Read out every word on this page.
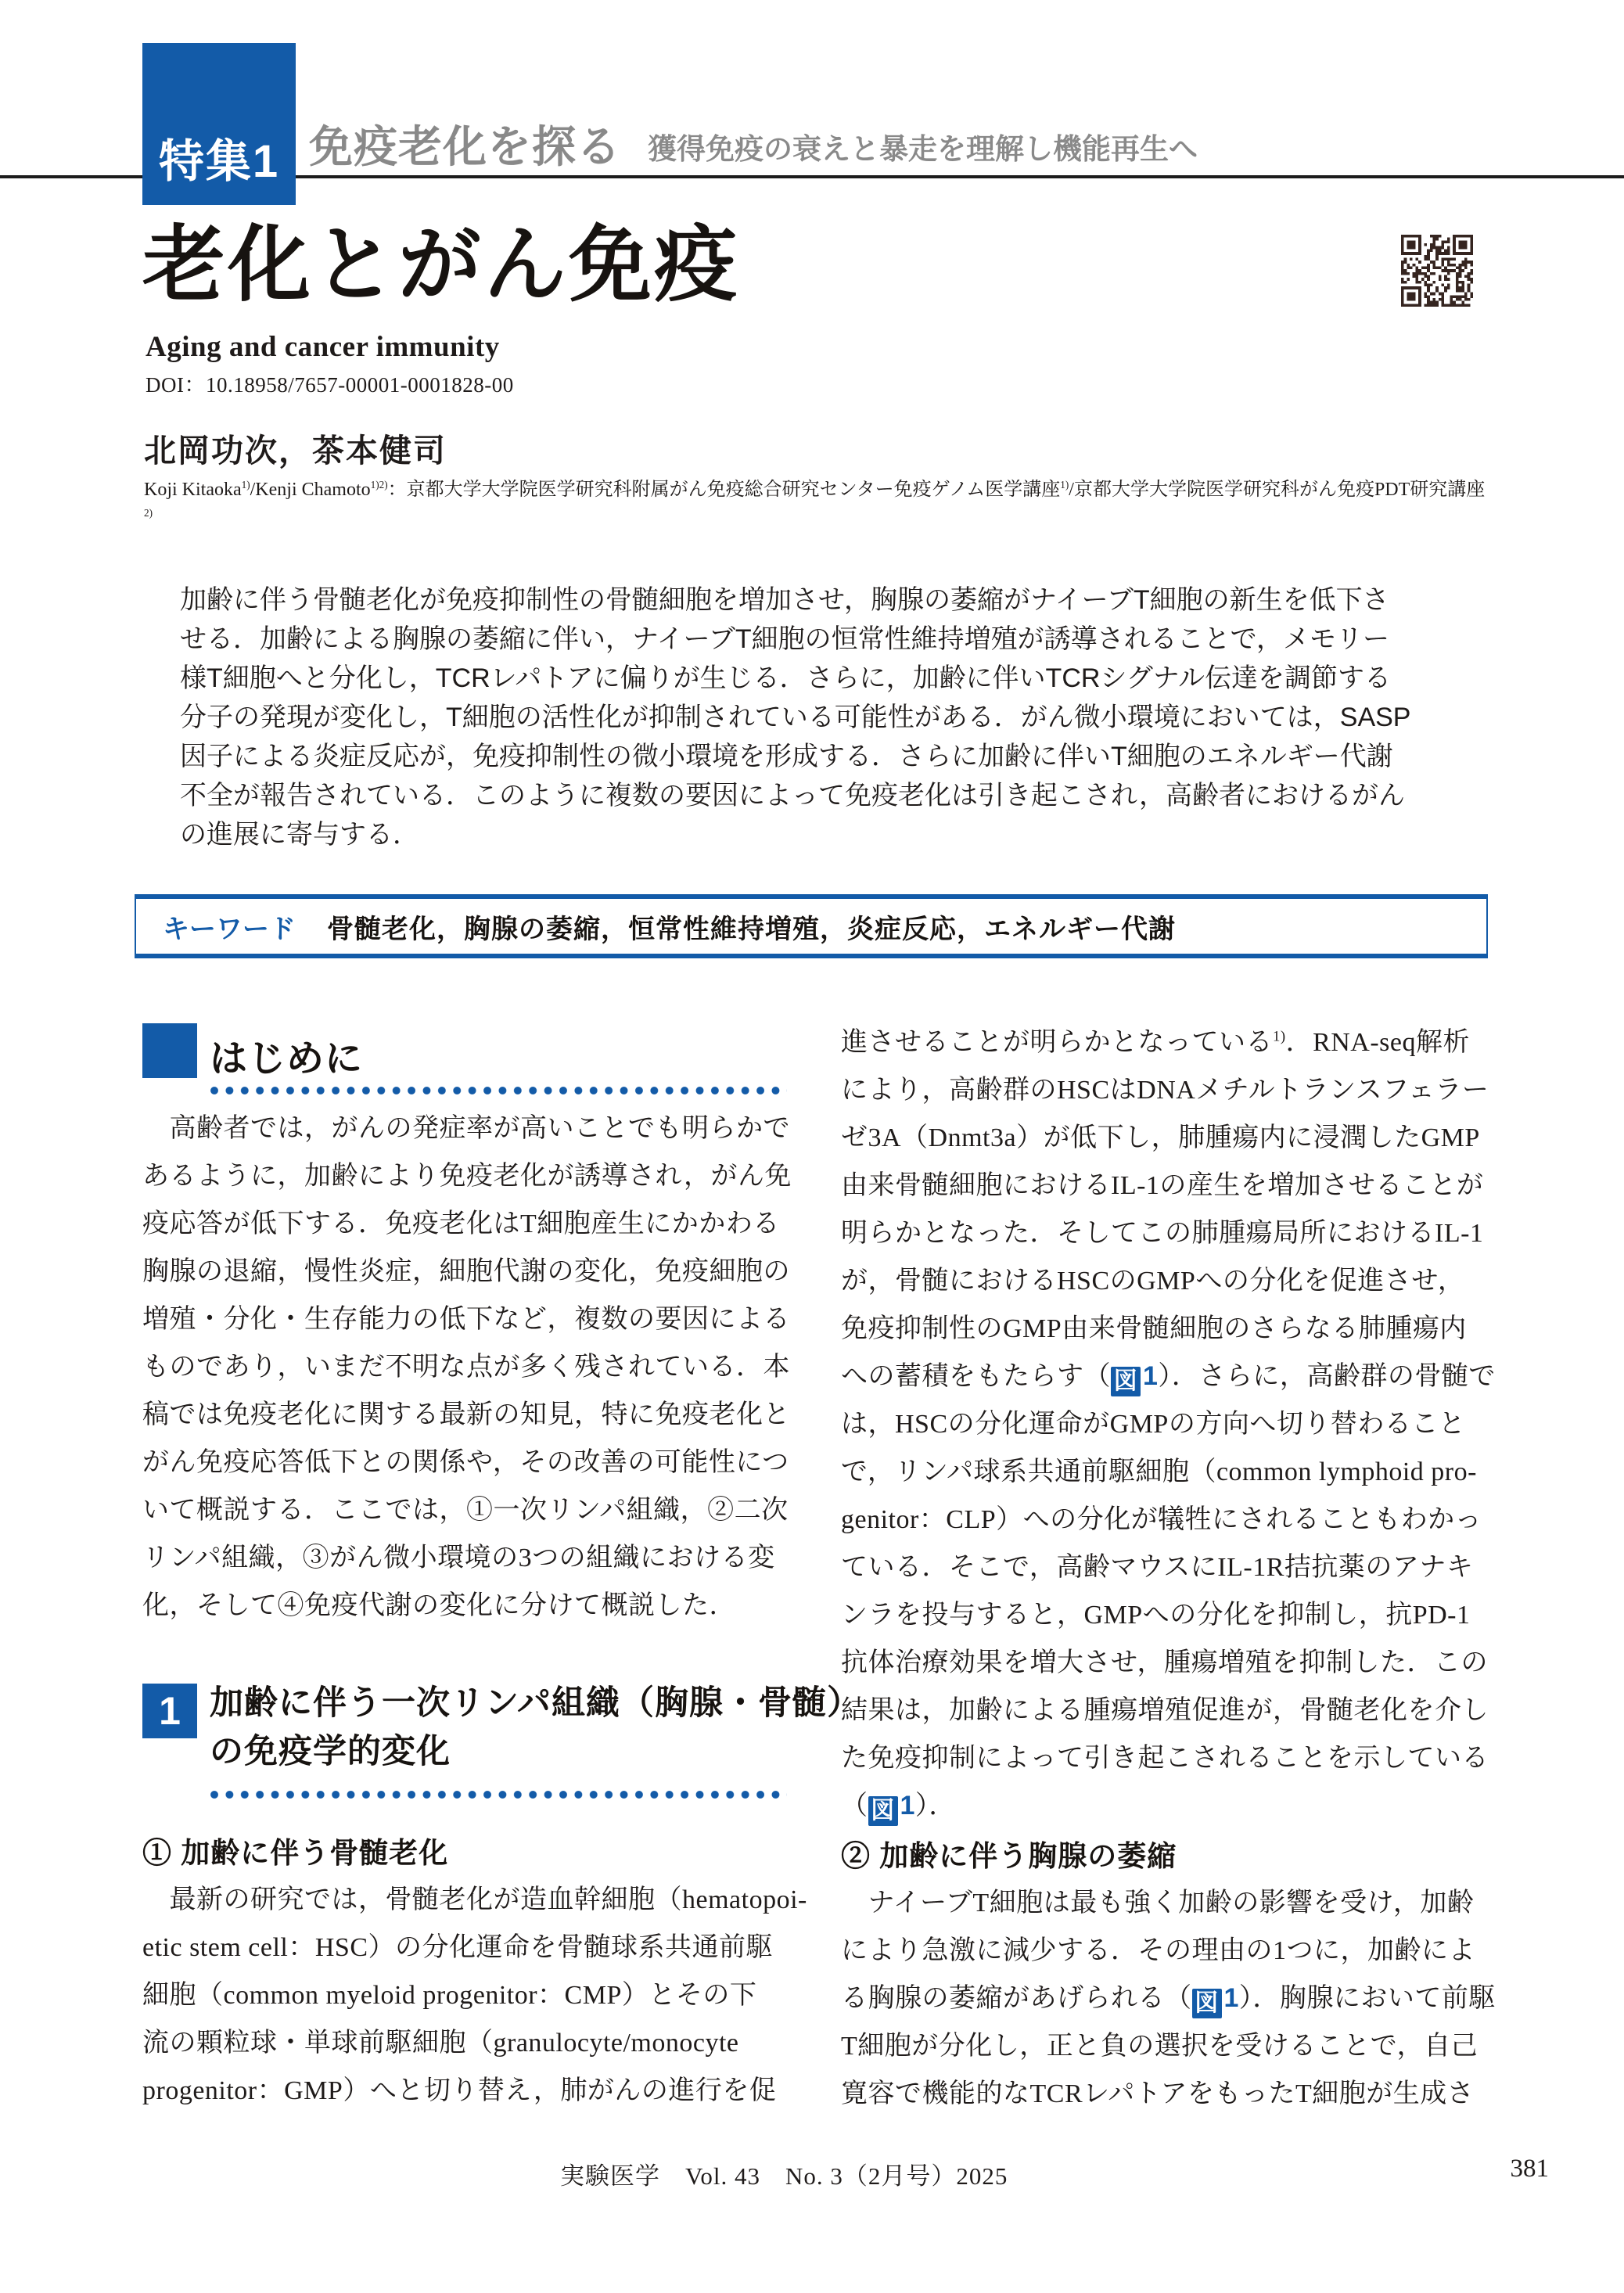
特集1 免疫老化を探る 獲得免疫の衰えと暴走を理解し機能再生へ
老化とがん免疫
Aging and cancer immunity
DOI：10.18958/7657-00001-0001828-00
北岡功次，茶本健司
Koji Kitaoka$^{1)}$/Kenji Chamoto$^{1)2)}$：京都大学大学院医学研究科附属がん免疫総合研究センター免疫ゲノム医学講座$^{1)}$/京都大学大学院医学研究科がん免疫PDT研究講座$^{2)}$
加齢に伴う骨髄老化が免疫抑制性の骨髄細胞を増加させ，胸腺の萎縮がナイーブT細胞の新生を低下さ
せる．加齢による胸腺の萎縮に伴い，ナイーブT細胞の恒常性維持増殖が誘導されることで，メモリー
様T細胞へと分化し，TCRレパトアに偏りが生じる．さらに，加齢に伴いTCRシグナル伝達を調節する
分子の発現が変化し，T細胞の活性化が抑制されている可能性がある．がん微小環境においては，SASP
因子による炎症反応が，免疫抑制性の微小環境を形成する．さらに加齢に伴いT細胞のエネルギー代謝
不全が報告されている．このように複数の要因によって免疫老化は引き起こされ，高齢者におけるがん
の進展に寄与する．
キーワード 骨髄老化，胸腺の萎縮，恒常性維持増殖，炎症反応，エネルギー代謝
はじめに
　高齢者では，がんの発症率が高いことでも明らかで
あるように，加齢により免疫老化が誘導され，がん免
疫応答が低下する．免疫老化はT細胞産生にかかわる
胸腺の退縮，慢性炎症，細胞代謝の変化，免疫細胞の
増殖・分化・生存能力の低下など，複数の要因による
ものであり，いまだ不明な点が多く残されている．本
稿では免疫老化に関する最新の知見，特に免疫老化と
がん免疫応答低下との関係や，その改善の可能性につ
いて概説する．ここでは，①一次リンパ組織，②二次
リンパ組織，③がん微小環境の3つの組織における変
化，そして④免疫代謝の変化に分けて概説した．
1 加齢に伴う一次リンパ組織（胸腺・骨髄）
の免疫学的変化
① 加齢に伴う骨髄老化
　最新の研究では，骨髄老化が造血幹細胞（hematopoi-
etic stem cell：HSC）の分化運命を骨髄球系共通前駆
細胞（common myeloid progenitor：CMP）とその下
流の顆粒球・単球前駆細胞（granulocyte/monocyte
progenitor：GMP）へと切り替え，肺がんの進行を促
進させることが明らかとなっている$^{1)}$．RNA-seq解析
により，高齢群のHSCはDNAメチルトランスフェラー
ゼ3A（Dnmt3a）が低下し，肺腫瘍内に浸潤したGMP
由来骨髄細胞におけるIL-1の産生を増加させることが
明らかとなった．そしてこの肺腫瘍局所におけるIL-1
が，骨髄におけるHSCのGMPへの分化を促進させ，
免疫抑制性のGMP由来骨髄細胞のさらなる肺腫瘍内
への蓄積をもたらす（ 図 1）．さらに，高齢群の骨髄で
は，HSCの分化運命がGMPの方向へ切り替わること
で，リンパ球系共通前駆細胞（common lymphoid pro-
genitor：CLP）への分化が犠牲にされることもわかっ
ている．そこで，高齢マウスにIL-1R拮抗薬のアナキ
ンラを投与すると，GMPへの分化を抑制し，抗PD-1
抗体治療効果を増大させ，腫瘍増殖を抑制した．この
結果は，加齢による腫瘍増殖促進が，骨髄老化を介し
た免疫抑制によって引き起こされることを示している
（ 図 1）．
② 加齢に伴う胸腺の萎縮
　ナイーブT細胞は最も強く加齢の影響を受け，加齢
により急激に減少する．その理由の1つに，加齢によ
る胸腺の萎縮があげられる（ 図 1）．胸腺において前駆
T細胞が分化し，正と負の選択を受けることで，自己
寛容で機能的なTCRレパトアをもったT細胞が生成さ
実験医学　Vol. 43　No. 3（2月号）2025	381
